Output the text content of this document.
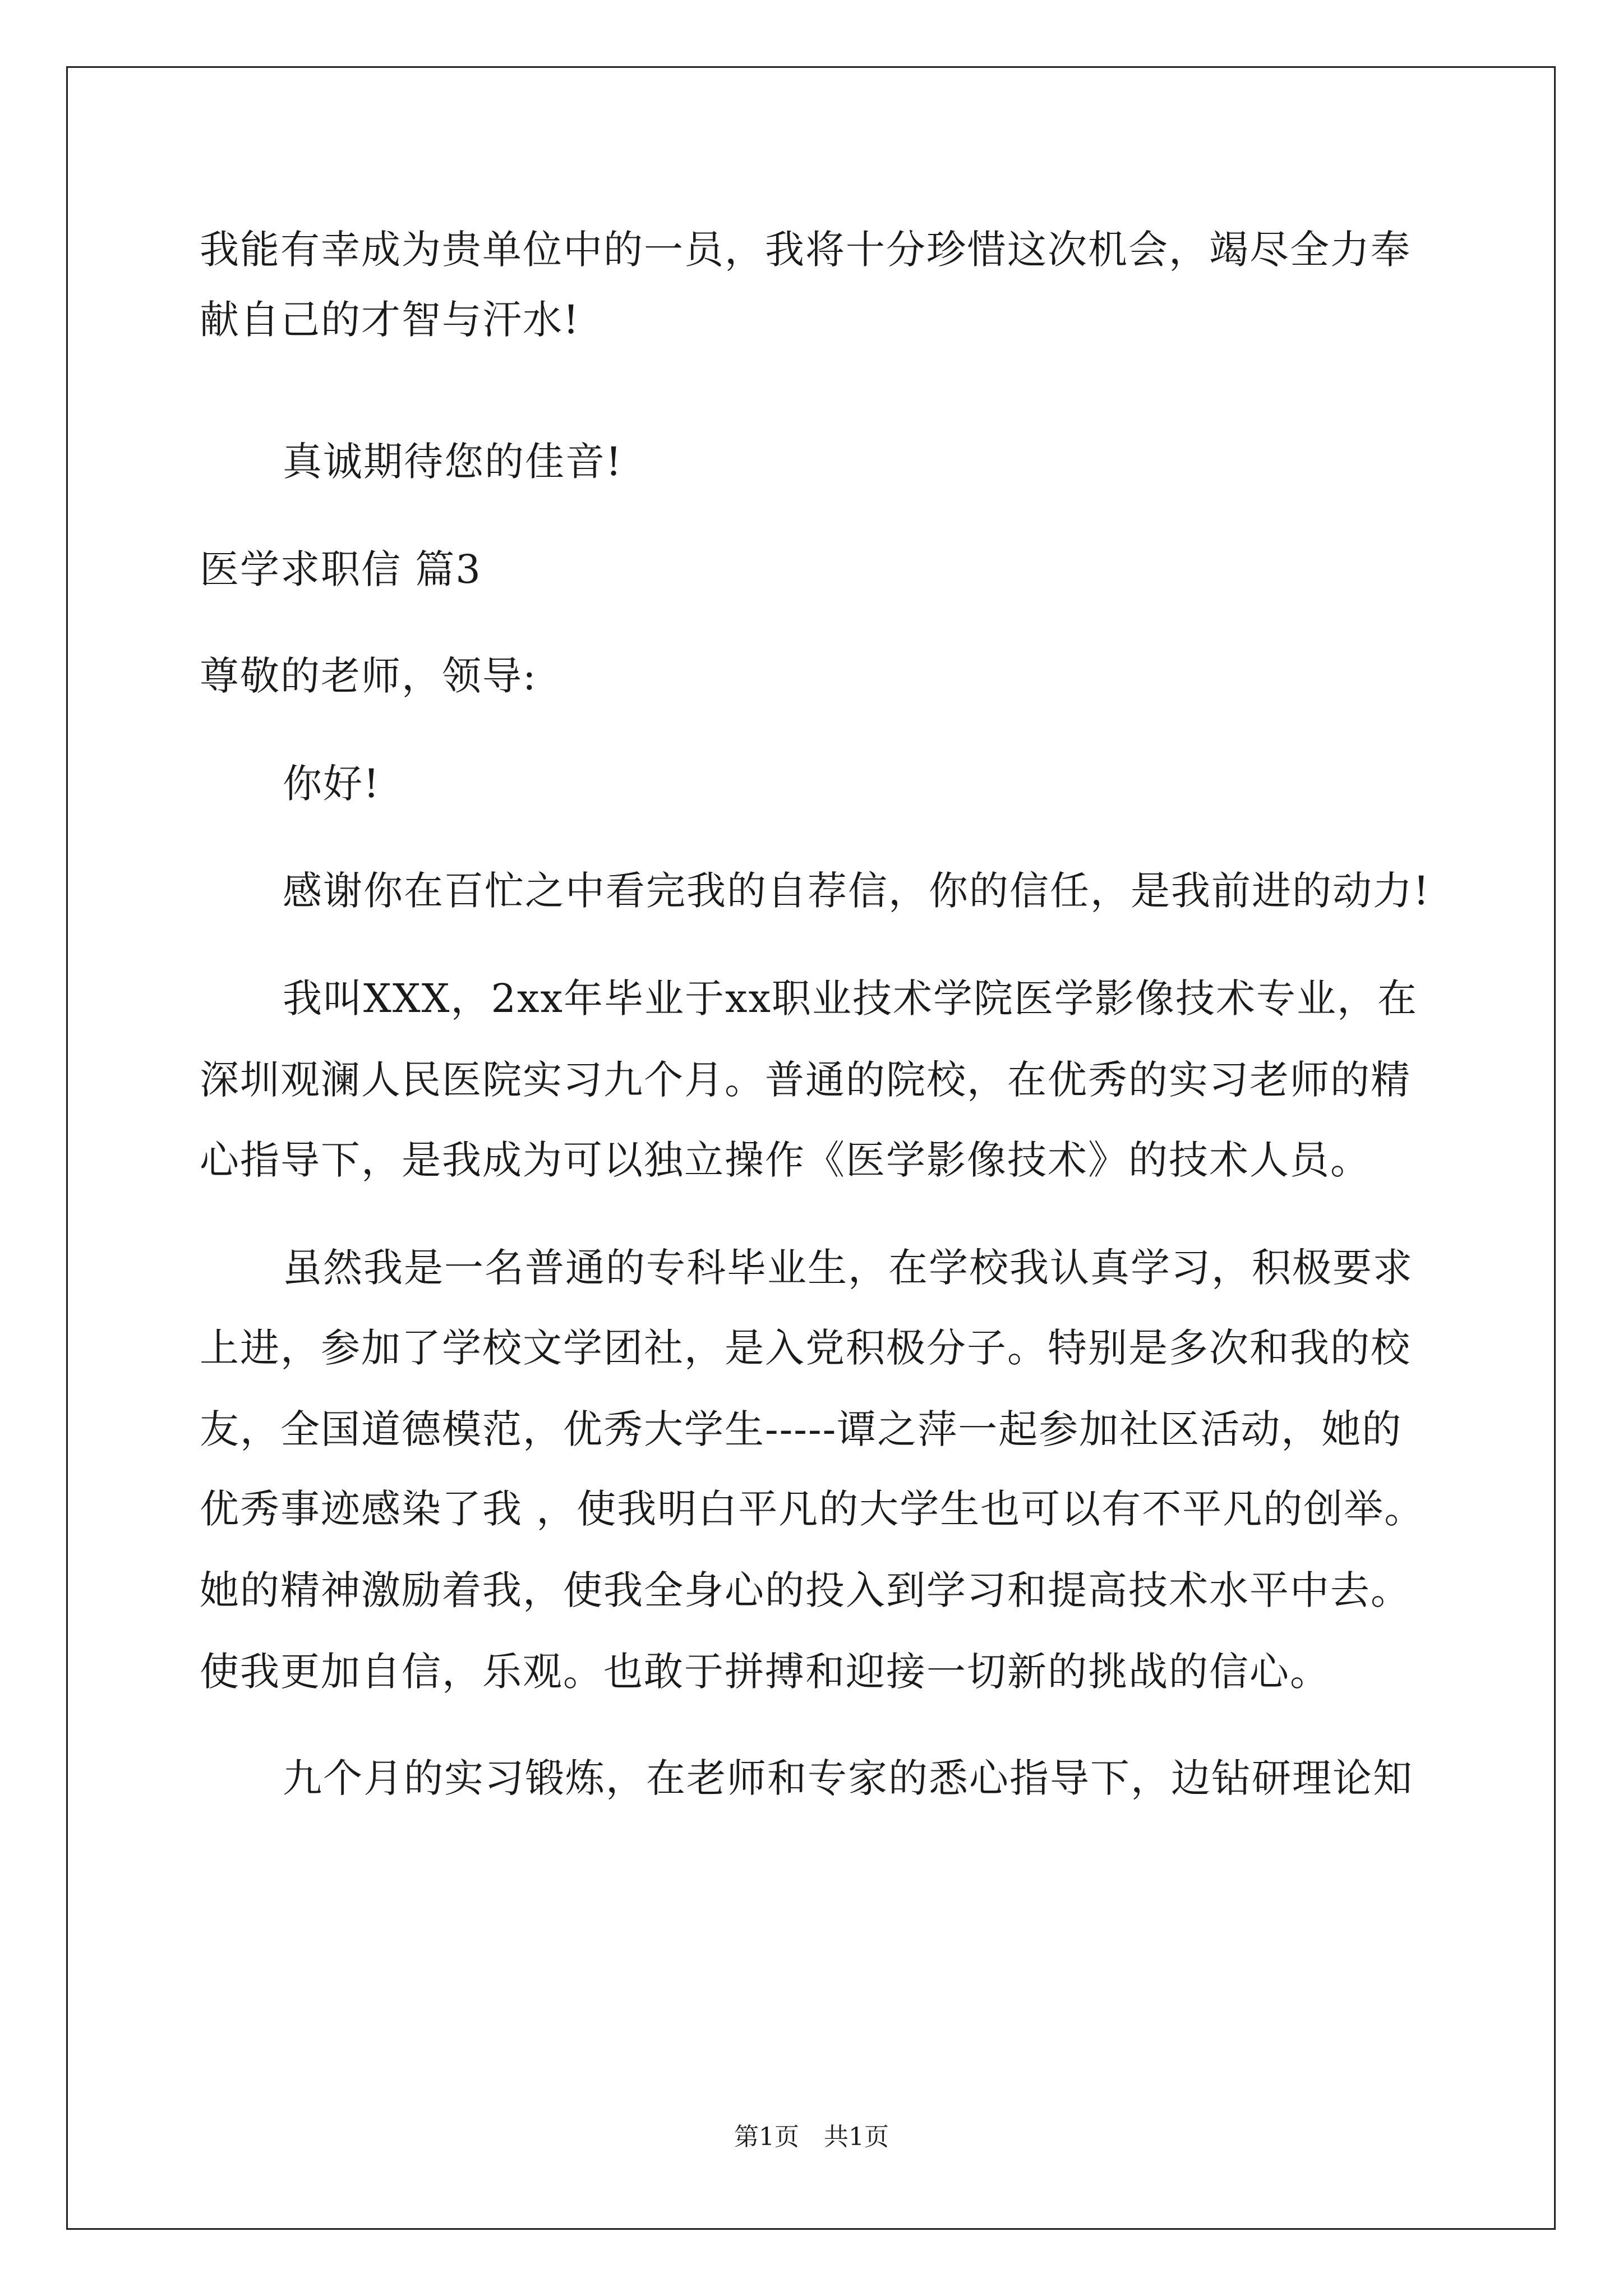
我能有幸成为贵单位中的一员，我将十分珍惜这次机会，竭尽全力奉

献自己的才智与汗水!

真诚期待您的佳音!

医学求职信 篇3

尊敬的老师，领导:

你好!

感谢你在百忙之中看完我的自荐信，你的信任，是我前进的动力!

我叫XXX，2xx年毕业于xx职业技术学院医学影像技术专业，在

深圳观澜人民医院实习九个月。普通的院校，在优秀的实习老师的精

心指导下，是我成为可以独立操作《医学影像技术》的技术人员。

虽然我是一名普通的专科毕业生，在学校我认真学习，积极要求

上进，参加了学校文学团社，是入党积极分子。特别是多次和我的校

友，全国道德模范，优秀大学生-----谭之萍一起参加社区活动，她的

优秀事迹感染了我 ，使我明白平凡的大学生也可以有不平凡的创举。

她的精神激励着我，使我全身心的投入到学习和提高技术水平中去。

使我更加自信，乐观。也敢于拼搏和迎接一切新的挑战的信心。

九个月的实习锻炼，在老师和专家的悉心指导下，边钻研理论知

第1页　共1页
